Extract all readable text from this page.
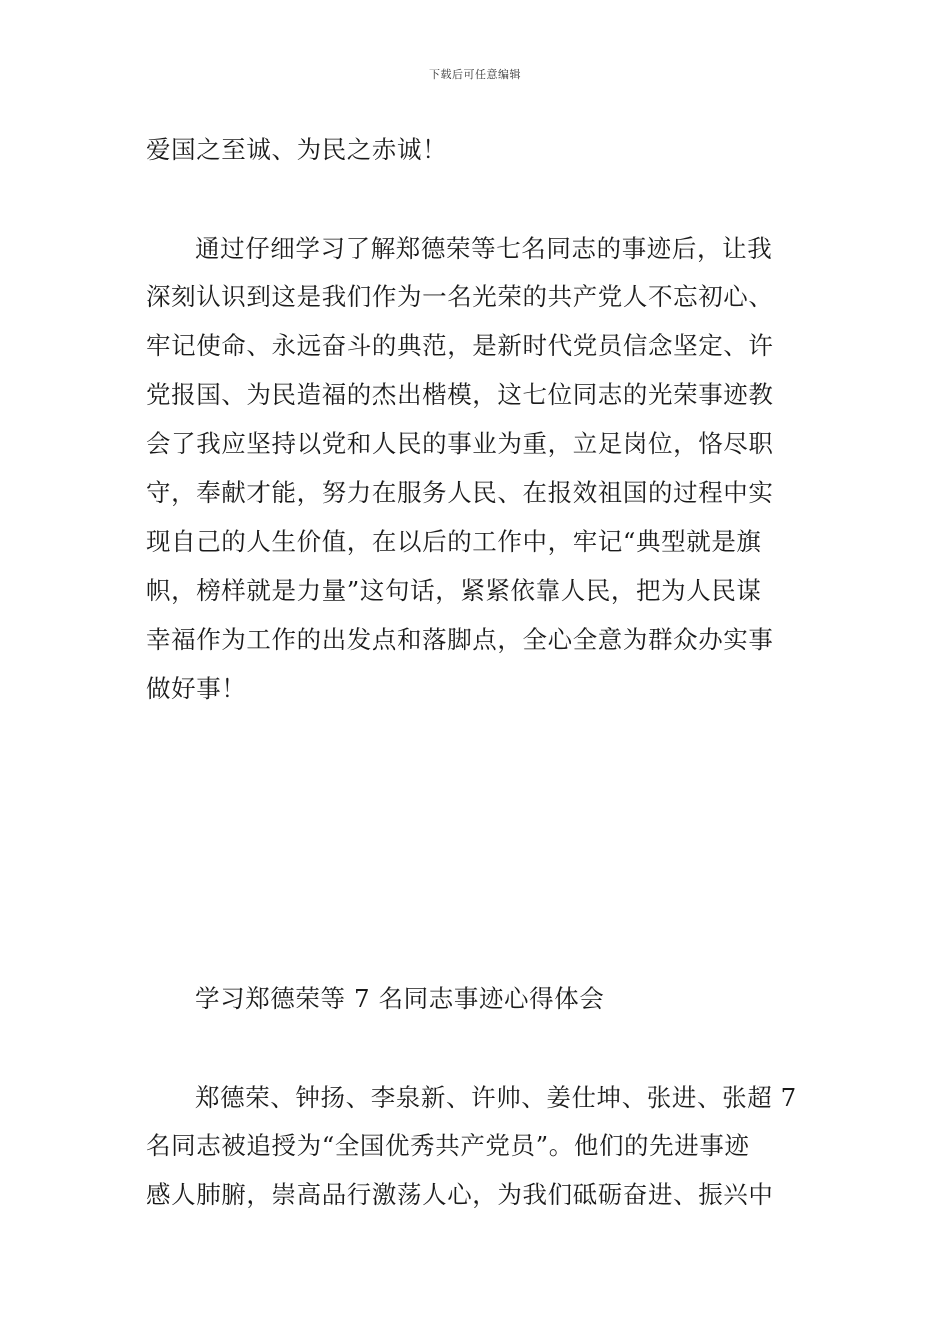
下载后可任意编辑
爱国之至诚、为民之赤诚！
通过仔细学习了解郑德荣等七名同志的事迹后，让我
深刻认识到这是我们作为一名光荣的共产党人不忘初心、
牢记使命、永远奋斗的典范，是新时代党员信念坚定、许
党报国、为民造福的杰出楷模，这七位同志的光荣事迹教
会了我应坚持以党和人民的事业为重，立足岗位，恪尽职
守，奉献才能，努力在服务人民、在报效祖国的过程中实
现自己的人生价值，在以后的工作中，牢记“典型就是旗
帜，榜样就是力量”这句话，紧紧依靠人民，把为人民谋
幸福作为工作的出发点和落脚点，全心全意为群众办实事
做好事！
学习郑德荣等 7 名同志事迹心得体会
郑德荣、钟扬、李泉新、许帅、姜仕坤、张进、张超 7
名同志被追授为“全国优秀共产党员”。他们的先进事迹
感人肺腑，崇高品行激荡人心，为我们砥砺奋进、振兴中
